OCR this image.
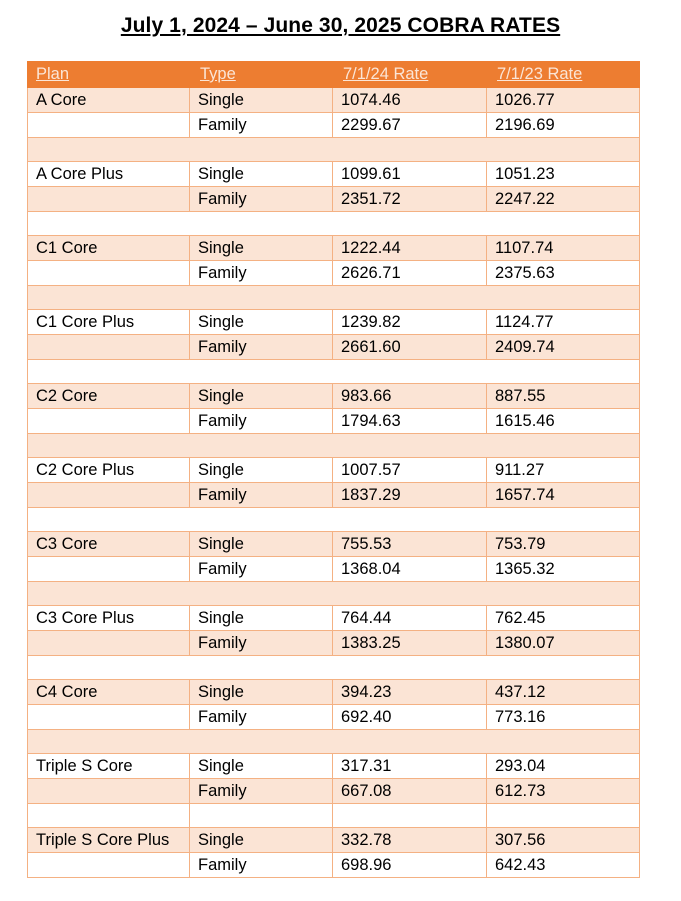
July 1, 2024 – June 30, 2025 COBRA RATES
Plan	Type	7/1/24 Rate	7/1/23 Rate
A Core	Single	1074.46	1026.77
	Family	2299.67	2196.69

A Core Plus	Single	1099.61	1051.23
	Family	2351.72	2247.22

C1 Core	Single	1222.44	1107.74
	Family	2626.71	2375.63

C1 Core Plus	Single	1239.82	1124.77
	Family	2661.60	2409.74

C2 Core	Single	983.66	887.55
	Family	1794.63	1615.46

C2 Core Plus	Single	1007.57	911.27
	Family	1837.29	1657.74

C3 Core	Single	755.53	753.79
	Family	1368.04	1365.32

C3 Core Plus	Single	764.44	762.45
	Family	1383.25	1380.07

C4 Core	Single	394.23	437.12
	Family	692.40	773.16

Triple S Core	Single	317.31	293.04
	Family	667.08	612.73

Triple S Core Plus	Single	332.78	307.56
	Family	698.96	642.43
